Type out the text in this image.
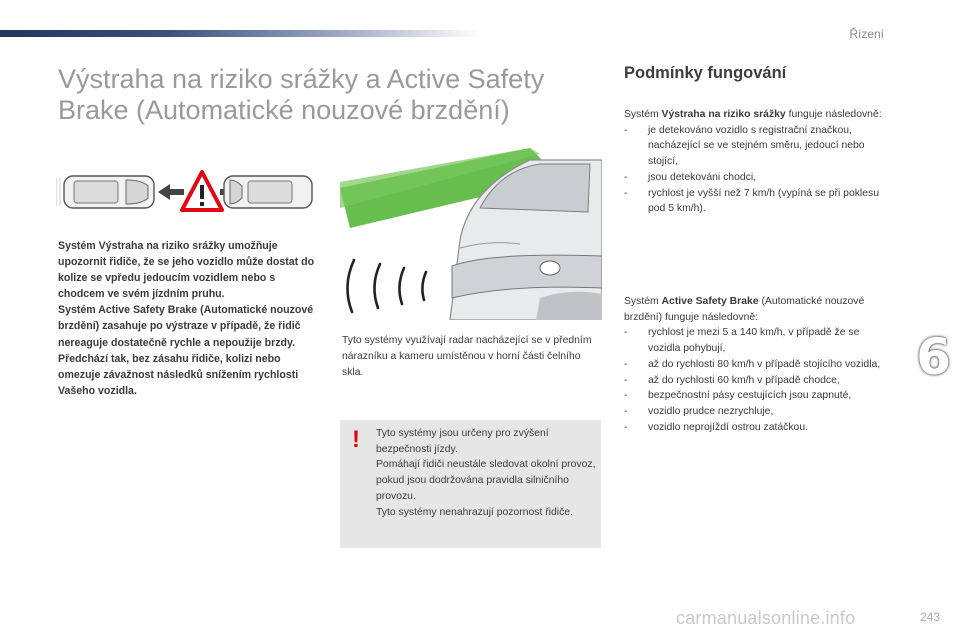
Řízení
Výstraha na riziko srážky a Active Safety
Brake (Automatické nouzové brzdění)
Systém Výstraha na riziko srážky umožňuje upozornit řidiče, že se jeho vozidlo může dostat do kolize se vpředu jedoucím vozidlem nebo s chodcem ve svém jízdním pruhu.
Systém Active Safety Brake (Automatické nouzové brzdění) zasahuje po výstraze v případě, že řidič nereaguje dostatečně rychle a nepoužije brzdy.
Předchází tak, bez zásahu řidiče, kolizi nebo omezuje závažnost následků snížením rychlosti Vašeho vozidla.

Tyto systémy využívají radar nacházející se v předním nárazníku a kameru umístěnou v horní části čelního skla.

! Tyto systémy jsou určeny pro zvýšení bezpečnosti jízdy.
Pomáhají řidiči neustále sledovat okolní provoz, pokud jsou dodržována pravidla silničního provozu.
Tyto systémy nenahrazují pozornost řidiče.

Podmínky fungování

Systém Výstraha na riziko srážky funguje následovně:

- je detekováno vozidlo s registrační značkou, nacházející se ve stejném směru, jedoucí nebo stojící,
- jsou detekováni chodci,
- rychlost je vyšší než 7 km/h (vypíná se při poklesu pod 5 km/h).

Systém Active Safety Brake (Automatické nouzové brzdění) funguje následovně:

- rychlost je mezi 5 a 140 km/h, v případě že se vozidla pohybují,
- až do rychlosti 80 km/h v případě stojícího vozidla,
- až do rychlosti 60 km/h v případě chodce,
- bezpečnostní pásy cestujících jsou zapnuté,
- vozidlo prudce nezrychluje,
- vozidlo neprojíždí ostrou zatáčkou.
6
carmanualsonline.info	243
